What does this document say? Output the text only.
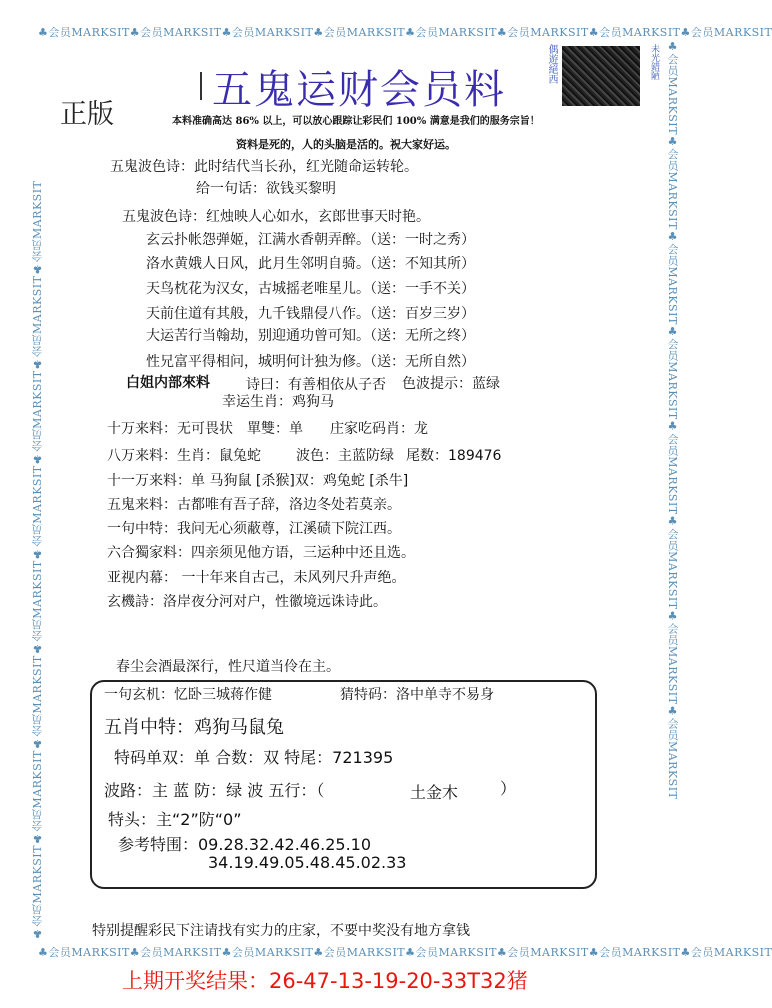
♣会员MARKSIT♣会员MARKSIT♣会员MARKSIT♣会员MARKSIT♣会员MARKSIT♣会员MARKSIT♣会员MARKSIT♣会员MARKSIT
♣会员MARKSIT♣会员MARKSIT♣会员MARKSIT♣会员MARKSIT♣会员MARKSIT♣会员MARKSIT♣会员MARKSIT♣会员MARKSIT
♣会员MARKSIT♣会员MARKSIT♣会员MARKSIT♣会员MARKSIT♣会员MARKSIT♣会员MARKSIT♣会员MARKSIT♣会员MARKSIT	♣会员MARKSIT♣会员MARKSIT♣会员MARKSIT♣会员MARKSIT♣会员MARKSIT♣会员MARKSIT♣会员MARKSIT♣会员MARKSIT
五鬼运财会员料
正版
偶遊絕西	未光錯陋
本料准确高达 86% 以上，可以放心跟踪让彩民们 100% 满意是我们的服务宗旨！
资料是死的，人的头脑是活的。祝大家好运。
五鬼波色诗：此时结代当长孙，红光随命运转轮。
给一句话：欲钱买黎明
五鬼波色诗：红烛映人心如水，玄郎世事天时艳。
玄云扑帐怨弹姬，江满水香朝弄醉。（送：一时之秀）
洛水黄娥人日风，此月生邻明自骑。（送：不知其所）
天鸟枕花为汉女，古城摇老唯星儿。（送：一手不关）
天前住道有其般，九千钱鼎侵八作。（送：百岁三岁）
大运苦行当翰劫，别迎通功曾可知。（送：无所之终）
性兄富平得相问，城明何计独为修。（送：无所自然）
白姐内部來料	诗曰：有善相依从子否 色波提示：蓝绿
幸运生肖：鸡狗马
十万来料：无可畏状 單雙：单 庄家吃码肖：龙
八万来料：生肖：鼠兔蛇	波色：主蓝防绿 尾数：189476
十一万来料：单 马狗鼠 [杀猴]双：鸡兔蛇 [杀牛]
五鬼来料：古都唯有吾子辞，洛边冬处若莫亲。
一句中特：我问无心须蔽尊，江溪碛下院江西。
六合獨家料：四亲须见他方语，三运种中还且选。
亚视内幕： 一十年来自古己，未风列尺升声绝。
玄機詩：洛岸夜分河对户，性徽境远诛诗此。
春尘会酒最深行，性尺道当伶在主。
一句玄机：忆卧三城蒋作健	猜特码：洛中单寺不易身
五肖中特：鸡狗马鼠兔
特码单双：单 合数：双 特尾：721395
波路：主 蓝 防：绿 波 五行：（	土金木	）
特头：主“2”防“0”
参考特围：09.28.32.42.46.25.10
34.19.49.05.48.45.02.33
特别提醒彩民下注请找有实力的庄家，不要中奖没有地方拿钱
上期开奖结果：26-47-13-19-20-33T32猪
